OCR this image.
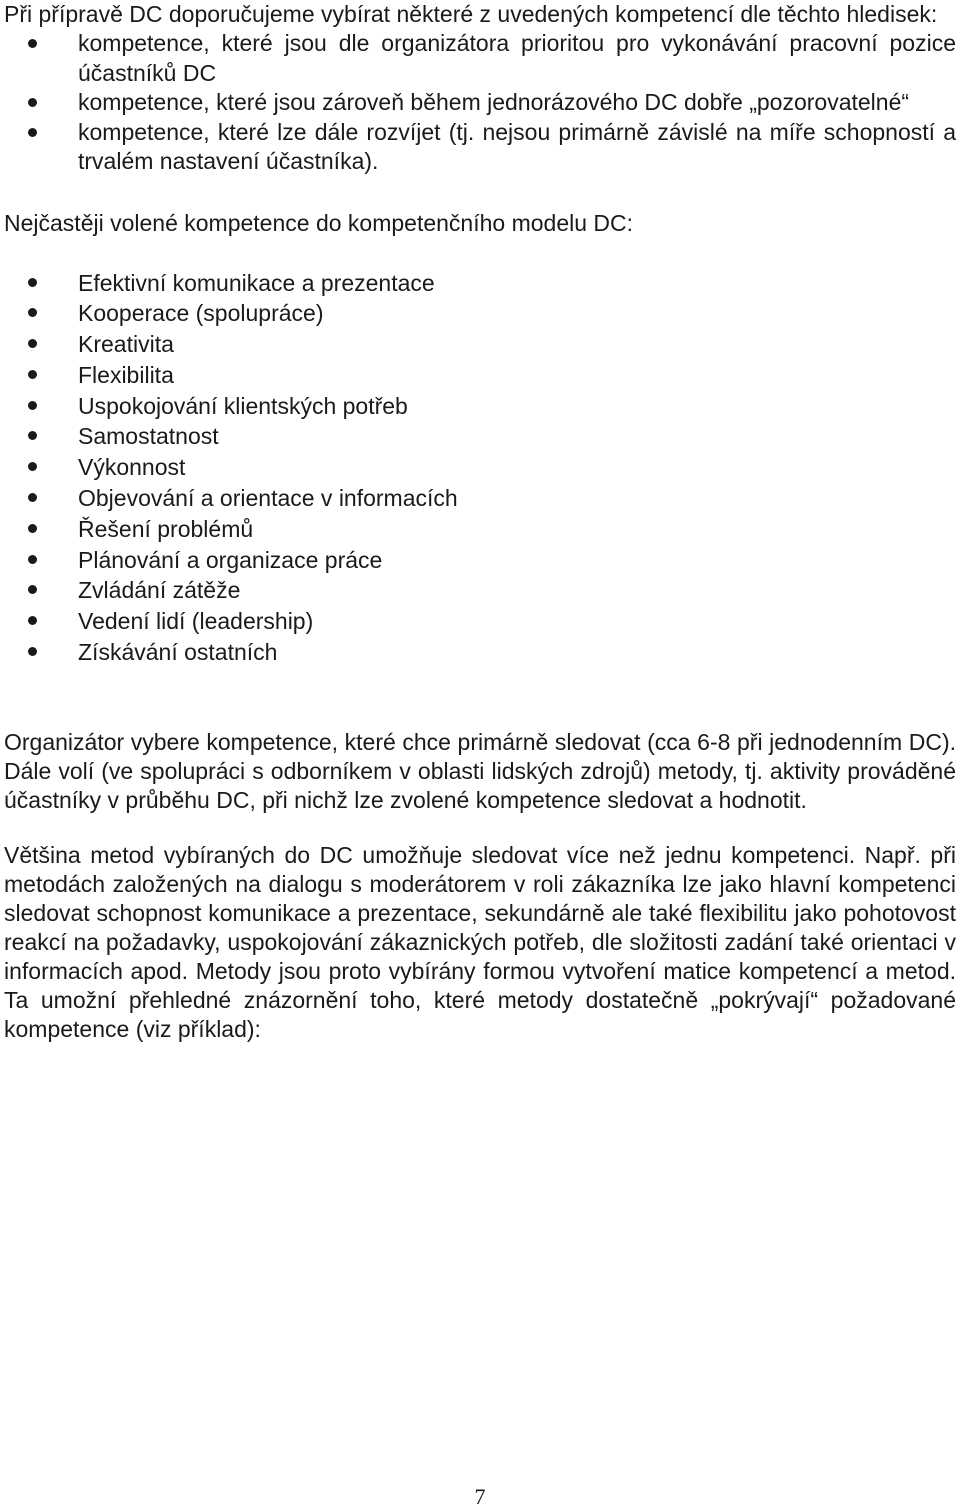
Při přípravě DC doporučujeme vybírat některé z uvedených kompetencí dle těchto hledisek:

kompetence, které jsou dle organizátora prioritou pro vykonávání pracovní pozice účastníků DC
kompetence, které jsou zároveň během jednorázového DC dobře „pozorovatelné“
kompetence, které lze dále rozvíjet (tj. nejsou primárně závislé na míře schopností a trvalém nastavení účastníka).

Nejčastěji volené kompetence do kompetenčního modelu DC:

Efektivní komunikace a prezentace
Kooperace (spolupráce)
Kreativita
Flexibilita
Uspokojování klientských potřeb
Samostatnost
Výkonnost
Objevování a orientace v informacích
Řešení problémů
Plánování a organizace práce
Zvládání zátěže
Vedení lidí (leadership)
Získávání ostatních

Organizátor vybere kompetence, které chce primárně sledovat (cca 6-8 při jednodenním DC). Dále volí (ve spolupráci s odborníkem v oblasti lidských zdrojů) metody, tj. aktivity prováděné účastníky v průběhu DC, při nichž lze zvolené kompetence sledovat a hodnotit.

Většina metod vybíraných do DC umožňuje sledovat více než jednu kompetenci. Např. při metodách založených na dialogu s moderátorem v roli zákazníka lze jako hlavní kompetenci sledovat schopnost komunikace a prezentace, sekundárně ale také flexibilitu jako pohotovost reakcí na požadavky, uspokojování zákaznických potřeb, dle složitosti zadání také orientaci v informacích apod. Metody jsou proto vybírány formou vytvoření matice kompetencí a metod. Ta umožní přehledné znázornění toho, které metody dostatečně „pokrývají“ požadované kompetence (viz příklad):

7
